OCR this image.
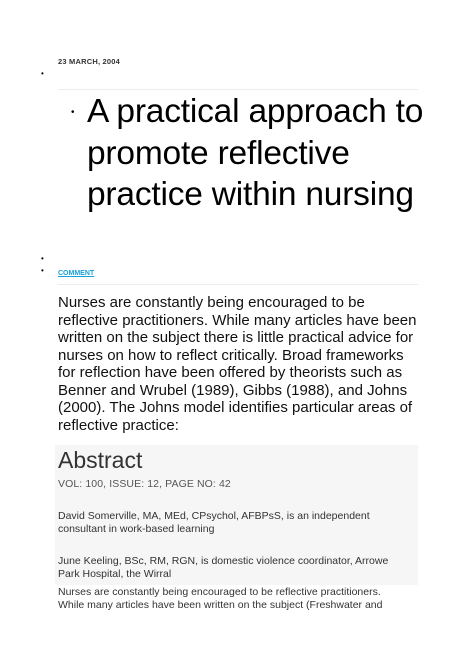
23 MARCH, 2004
•
• A practical approach to promote reflective practice within nursing
•
• COMMENT

Nurses are constantly being encouraged to be reflective practitioners. While many articles have been written on the subject there is little practical advice for nurses on how to reflect critically. Broad frameworks for reflection have been offered by theorists such as Benner and Wrubel (1989), Gibbs (1988), and Johns (2000). The Johns model identifies particular areas of reflective practice:

Abstract
VOL: 100, ISSUE: 12, PAGE NO: 42

David Somerville, MA, MEd, CPsychol, AFBPsS, is an independent consultant in work-based learning

June Keeling, BSc, RM, RGN, is domestic violence coordinator, Arrowe Park Hospital, the Wirral

Nurses are constantly being encouraged to be reflective practitioners. While many articles have been written on the subject (Freshwater and
